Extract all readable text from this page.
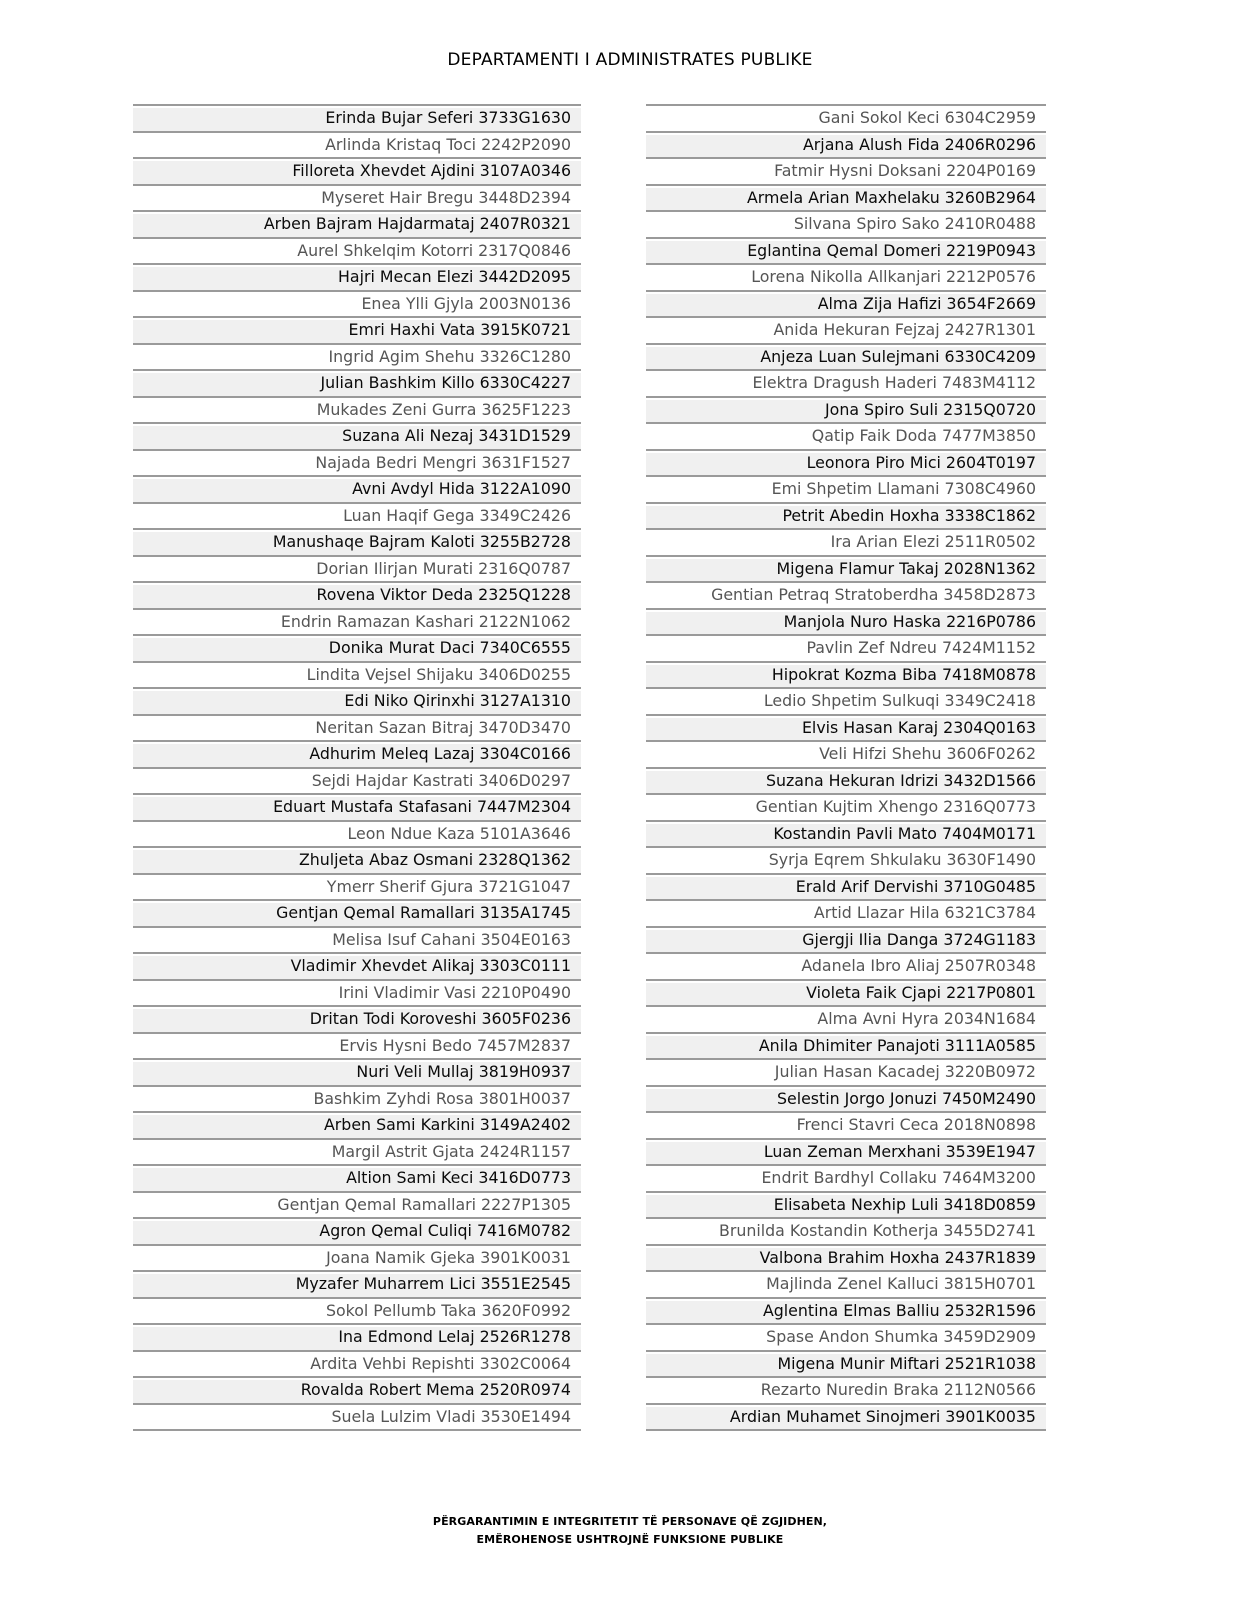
DEPARTAMENTI I ADMINISTRATES PUBLIKE
Erinda Bujar Seferi 3733G1630
Arlinda Kristaq Toci 2242P2090
Filloreta Xhevdet Ajdini 3107A0346
Myseret Hair Bregu 3448D2394
Arben Bajram Hajdarmataj 2407R0321
Aurel Shkelqim Kotorri 2317Q0846
Hajri Mecan Elezi 3442D2095
Enea Ylli Gjyla 2003N0136
Emri Haxhi Vata 3915K0721
Ingrid Agim Shehu 3326C1280
Julian Bashkim Killo 6330C4227
Mukades Zeni Gurra 3625F1223
Suzana Ali Nezaj 3431D1529
Najada Bedri Mengri 3631F1527
Avni Avdyl Hida 3122A1090
Luan Haqif Gega 3349C2426
Manushaqe Bajram Kaloti 3255B2728
Dorian Ilirjan Murati 2316Q0787
Rovena Viktor Deda 2325Q1228
Endrin Ramazan Kashari 2122N1062
Donika Murat Daci 7340C6555
Lindita Vejsel Shijaku 3406D0255
Edi Niko Qirinxhi 3127A1310
Neritan Sazan Bitraj 3470D3470
Adhurim Meleq Lazaj 3304C0166
Sejdi Hajdar Kastrati 3406D0297
Eduart Mustafa Stafasani 7447M2304
Leon Ndue Kaza 5101A3646
Zhuljeta Abaz Osmani 2328Q1362
Ymerr Sherif Gjura 3721G1047
Gentjan Qemal Ramallari 3135A1745
Melisa Isuf Cahani 3504E0163
Vladimir Xhevdet Alikaj 3303C0111
Irini Vladimir Vasi 2210P0490
Dritan Todi Koroveshi 3605F0236
Ervis Hysni Bedo 7457M2837
Nuri Veli Mullaj 3819H0937
Bashkim Zyhdi Rosa 3801H0037
Arben Sami Karkini 3149A2402
Margil Astrit Gjata 2424R1157
Altion Sami Keci 3416D0773
Gentjan Qemal Ramallari 2227P1305
Agron Qemal Culiqi 7416M0782
Joana Namik Gjeka 3901K0031
Myzafer Muharrem Lici 3551E2545
Sokol Pellumb Taka 3620F0992
Ina Edmond Lelaj 2526R1278
Ardita Vehbi Repishti 3302C0064
Rovalda Robert Mema 2520R0974
Suela Lulzim Vladi 3530E1494
Gani Sokol Keci 6304C2959
Arjana Alush Fida 2406R0296
Fatmir Hysni Doksani 2204P0169
Armela Arian Maxhelaku 3260B2964
Silvana Spiro Sako 2410R0488
Eglantina Qemal Domeri 2219P0943
Lorena Nikolla Allkanjari 2212P0576
Alma Zija Hafizi 3654F2669
Anida Hekuran Fejzaj 2427R1301
Anjeza Luan Sulejmani 6330C4209
Elektra Dragush Haderi 7483M4112
Jona Spiro Suli 2315Q0720
Qatip Faik Doda 7477M3850
Leonora Piro Mici 2604T0197
Emi Shpetim Llamani 7308C4960
Petrit Abedin Hoxha 3338C1862
Ira Arian Elezi 2511R0502
Migena Flamur Takaj 2028N1362
Gentian Petraq Stratoberdha 3458D2873
Manjola Nuro Haska 2216P0786
Pavlin Zef Ndreu 7424M1152
Hipokrat Kozma Biba 7418M0878
Ledio Shpetim Sulkuqi 3349C2418
Elvis Hasan Karaj 2304Q0163
Veli Hifzi Shehu 3606F0262
Suzana Hekuran Idrizi 3432D1566
Gentian Kujtim Xhengo 2316Q0773
Kostandin Pavli Mato 7404M0171
Syrja Eqrem Shkulaku 3630F1490
Erald Arif Dervishi 3710G0485
Artid Llazar Hila 6321C3784
Gjergji Ilia Danga 3724G1183
Adanela Ibro Aliaj 2507R0348
Violeta Faik Cjapi 2217P0801
Alma Avni Hyra 2034N1684
Anila Dhimiter Panajoti 3111A0585
Julian Hasan Kacadej 3220B0972
Selestin Jorgo Jonuzi 7450M2490
Frenci Stavri Ceca 2018N0898
Luan Zeman Merxhani 3539E1947
Endrit Bardhyl Collaku 7464M3200
Elisabeta Nexhip Luli 3418D0859
Brunilda Kostandin Kotherja 3455D2741
Valbona Brahim Hoxha 2437R1839
Majlinda Zenel Kalluci 3815H0701
Aglentina Elmas Balliu 2532R1596
Spase Andon Shumka 3459D2909
Migena Munir Miftari 2521R1038
Rezarto Nuredin Braka 2112N0566
Ardian Muhamet Sinojmeri 3901K0035
PËRGARANTIMIN E INTEGRITETIT TË PERSONAVE QË ZGJIDHEN,
EMËROHENOSE USHTROJNË FUNKSIONE PUBLIKE
